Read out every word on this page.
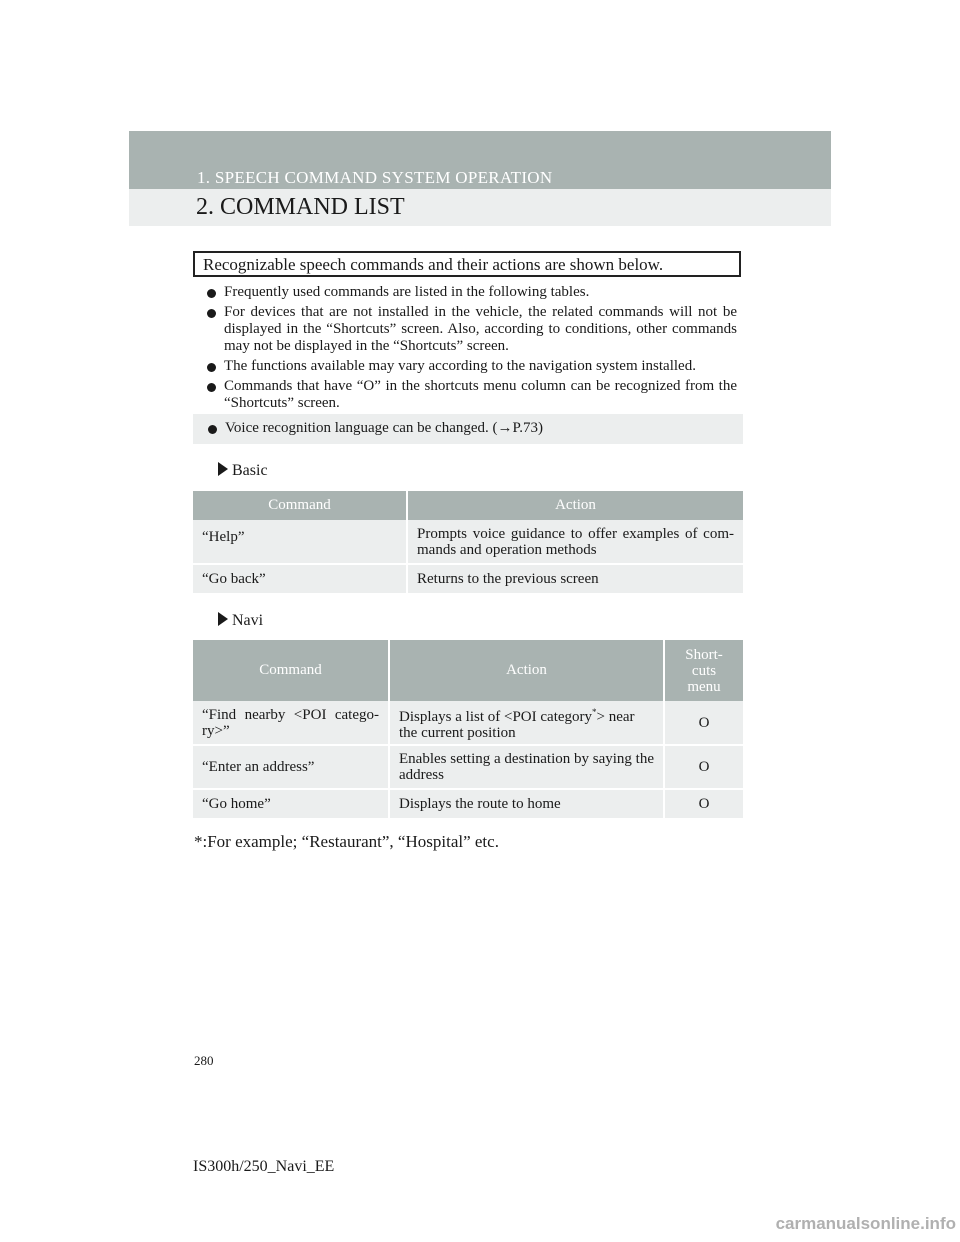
1. SPEECH COMMAND SYSTEM OPERATION
2. COMMAND LIST
Recognizable speech commands and their actions are shown below.
Frequently used commands are listed in the following tables.
For devices that are not installed in the vehicle, the related commands will not be displayed in the “Shortcuts” screen. Also, according to conditions, other commands may not be displayed in the “Shortcuts” screen.
The functions available may vary according to the navigation system installed.
Commands that have “O” in the shortcuts menu column can be recognized from the “Shortcuts” screen.
Voice recognition language can be changed. (→P.73)
Basic
Command	Action
“Help”	Prompts voice guidance to offer examples of com-mands and operation methods
“Go back”	Returns to the previous screen
Navi
Command	Action	Short-cuts menu
“Find nearby <POI catego-ry>”	Displays a list of <POI category*> near the current position	O
“Enter an address”	Enables setting a destination by saying the address	O
“Go home”	Displays the route to home	O
*:For example; “Restaurant”, “Hospital” etc.
280
IS300h/250_Navi_EE
carmanualsonline.info
